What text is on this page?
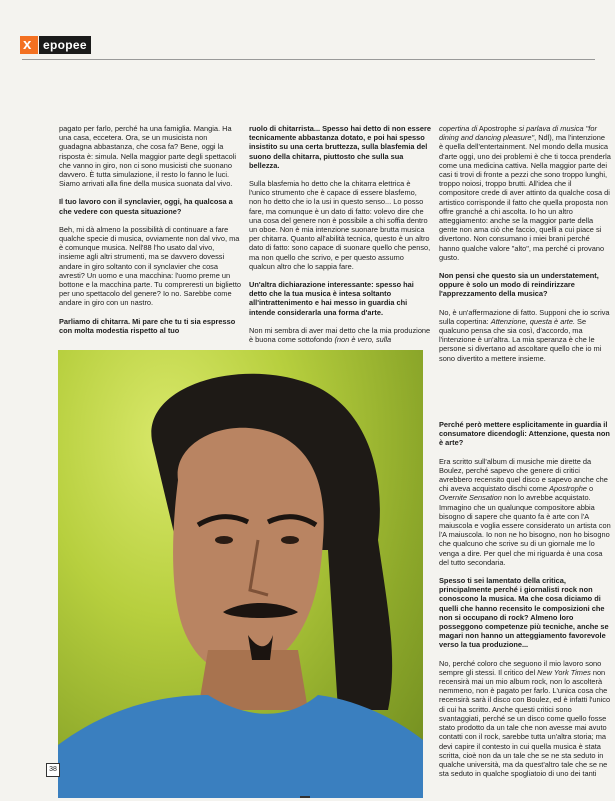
x epopee

pagato per farlo, perché ha una famiglia. Mangia. Ha una casa, eccetera. Ora, se un musicista non guadagna abbastanza, che cosa fa? Bene, oggi la risposta è: simula. Nella maggior parte degli spettacoli che vanno in giro, non ci sono musicisti che suonano davvero. È tutta simulazione, il resto lo fanno le luci. Siamo arrivati alla fine della musica suonata dal vivo.

Il tuo lavoro con il synclavier, oggi, ha qualcosa a che vedere con questa situazione?

Beh, mi dà almeno la possibilità di continuare a fare qualche specie di musica, ovviamente non dal vivo, ma è comunque musica. Nell'88 l'ho usato dal vivo, insieme agli altri strumenti, ma se davvero dovessi andare in giro soltanto con il synclavier che cosa avresti? Un uomo e una macchina: l'uomo preme un bottone e la macchina parte. Tu compreresti un biglietto per uno spettacolo del genere? Io no. Sarebbe come andare in giro con un nastro.

Parliamo di chitarra. Mi pare che tu ti sia espresso con molta modestia rispetto al tuo

ruolo di chitarrista... Spesso hai detto di non essere tecnicamente abbastanza dotato, e poi hai spesso insistito su una certa bruttezza, sulla blasfemia del suono della chitarra, piuttosto che sulla sua bellezza.

Sulla blasfemia ho detto che la chitarra elettrica è l'unico strumento che è capace di essere blasfemo, non ho detto che io la usi in questo senso... Lo posso fare, ma comunque è un dato di fatto: volevo dire che una cosa del genere non è possibile a chi soffia dentro un oboe. Non è mia intenzione suonare brutta musica per chitarra. Quanto all'abilità tecnica, questo è un altro dato di fatto: sono capace di suonare quello che penso, ma non quello che scrivo, e per questo assumo qualcun altro che lo sappia fare.

Un'altra dichiarazione interessante: spesso hai detto che la tua musica è intesa soltanto all'intrattenimento e hai messo in guardia chi intende considerarla una forma d'arte.

Non mi sembra di aver mai detto che la mia produzione è buona come sottofondo (non è vero, sulla

copertina di Apostrophe si parlava di musica "for dining and dancing pleasure", Ndl), ma l'intenzione è quella dell'entertainment. Nel mondo della musica d'arte oggi, uno dei problemi è che ti tocca prenderla come una medicina cattiva. Nella maggior parte dei casi ti trovi di fronte a pezzi che sono troppo lunghi, troppo noiosi, troppo brutti. All'idea che il compositore crede di aver attinto da qualche cosa di artistico corrisponde il fatto che quella proposta non offre granché a chi ascolta. Io ho un altro atteggiamento: anche se la maggior parte della gente non ama ciò che faccio, quelli a cui piace si divertono. Non consumano i miei brani perché hanno qualche valore "alto", ma perché ci provano gusto.

Non pensi che questo sia un understatement, oppure è solo un modo di reindirizzare l'apprezzamento della musica?

No, è un'affermazione di fatto. Supponi che io scriva sulla copertina: Attenzione, questa è arte. Se qualcuno pensa che sia così, d'accordo, ma l'intenzione è un'altra. La mia speranza è che le persone si divertano ad ascoltare quello che io mi sono divertito a mettere insieme.

Perché però mettere esplicitamente in guardia il consumatore dicendogli: Attenzione, questa non è arte?

Era scritto sull'album di musiche mie dirette da Boulez, perché sapevo che genere di critici avrebbero recensito quel disco e sapevo anche che chi aveva acquistato dischi come Apostrophe o Overnite Sensation non lo avrebbe acquistato. Immagino che un qualunque compositore abbia bisogno di sapere che quanto fa è arte con l'A maiuscola e voglia essere considerato un artista con l'A maiuscola. Io non ne ho bisogno, non ho bisogno che qualcuno che scrive su di un giornale me lo venga a dire. Per quel che mi riguarda è una cosa del tutto secondaria.

Spesso ti sei lamentato della critica, principalmente perché i giornalisti rock non conoscono la musica. Ma che cosa diciamo di quelli che hanno recensito le composizioni che non si occupano di rock? Almeno loro posseggono competenze più tecniche, anche se magari non hanno un atteggiamento favorevole verso la tua produzione...

No, perché coloro che seguono il mio lavoro sono sempre gli stessi. Il critico del New York Times non recensirà mai un mio album rock, non lo ascolterà nemmeno, non è pagato per farlo. L'unica cosa che recensirà sarà il disco con Boulez, ed è infatti l'unico di cui ha scritto. Anche questi critici sono svantaggiati, perché se un disco come quello fosse stato prodotto da un tale che non avesse mai avuto contatti con il rock, sarebbe tutta un'altra storia; ma devi capire il contesto in cui quella musica è stata scritta, cioè non da un tale che se ne sta seduto in qualche università, ma da quest'altro tale che se ne sta seduto in qualche spogliatoio di uno dei tanti

38
